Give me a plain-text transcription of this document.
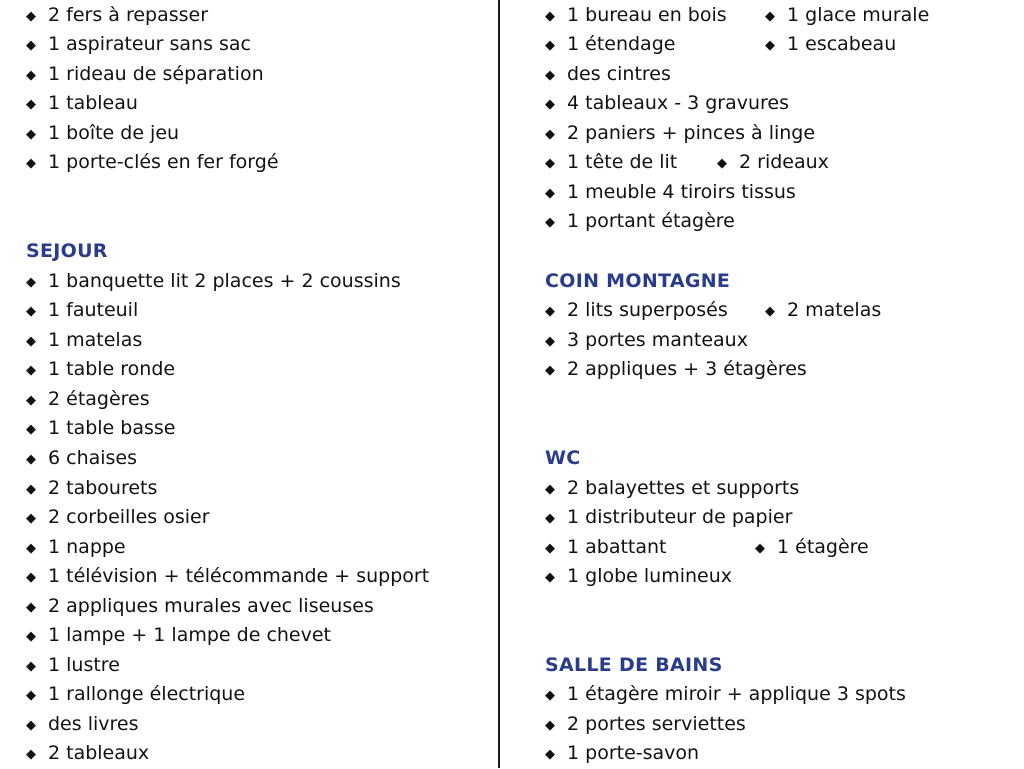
◆ 2 fers à repasser
◆ 1 aspirateur sans sac
◆ 1 rideau de séparation
◆ 1 tableau
◆ 1 boîte de jeu
◆ 1 porte-clés en fer forgé
SEJOUR
◆ 1 banquette lit 2 places + 2 coussins
◆ 1 fauteuil
◆ 1 matelas
◆ 1 table ronde
◆ 2 étagères
◆ 1 table basse
◆ 6 chaises
◆ 2 tabourets
◆ 2 corbeilles osier
◆ 1 nappe
◆ 1 télévision + télécommande + support
◆ 2 appliques murales avec liseuses
◆ 1 lampe + 1 lampe de chevet
◆ 1 lustre
◆ 1 rallonge électrique
◆ des livres
◆ 2 tableaux
◆ 1 bureau en bois	◆ 1 glace murale
◆ 1 étendage	◆ 1 escabeau
◆ des cintres
◆ 4 tableaux - 3 gravures
◆ 2 paniers + pinces à linge
◆ 1 tête de lit	◆ 2 rideaux
◆ 1 meuble 4 tiroirs tissus
◆ 1 portant étagère
COIN MONTAGNE
◆ 2 lits superposés	◆ 2 matelas
◆ 3 portes manteaux
◆ 2 appliques + 3 étagères
WC
◆ 2 balayettes et supports
◆ 1 distributeur de papier
◆ 1 abattant	◆ 1 étagère
◆ 1 globe lumineux
SALLE DE BAINS
◆ 1 étagère miroir + applique 3 spots
◆ 2 portes serviettes
◆ 1 porte-savon
